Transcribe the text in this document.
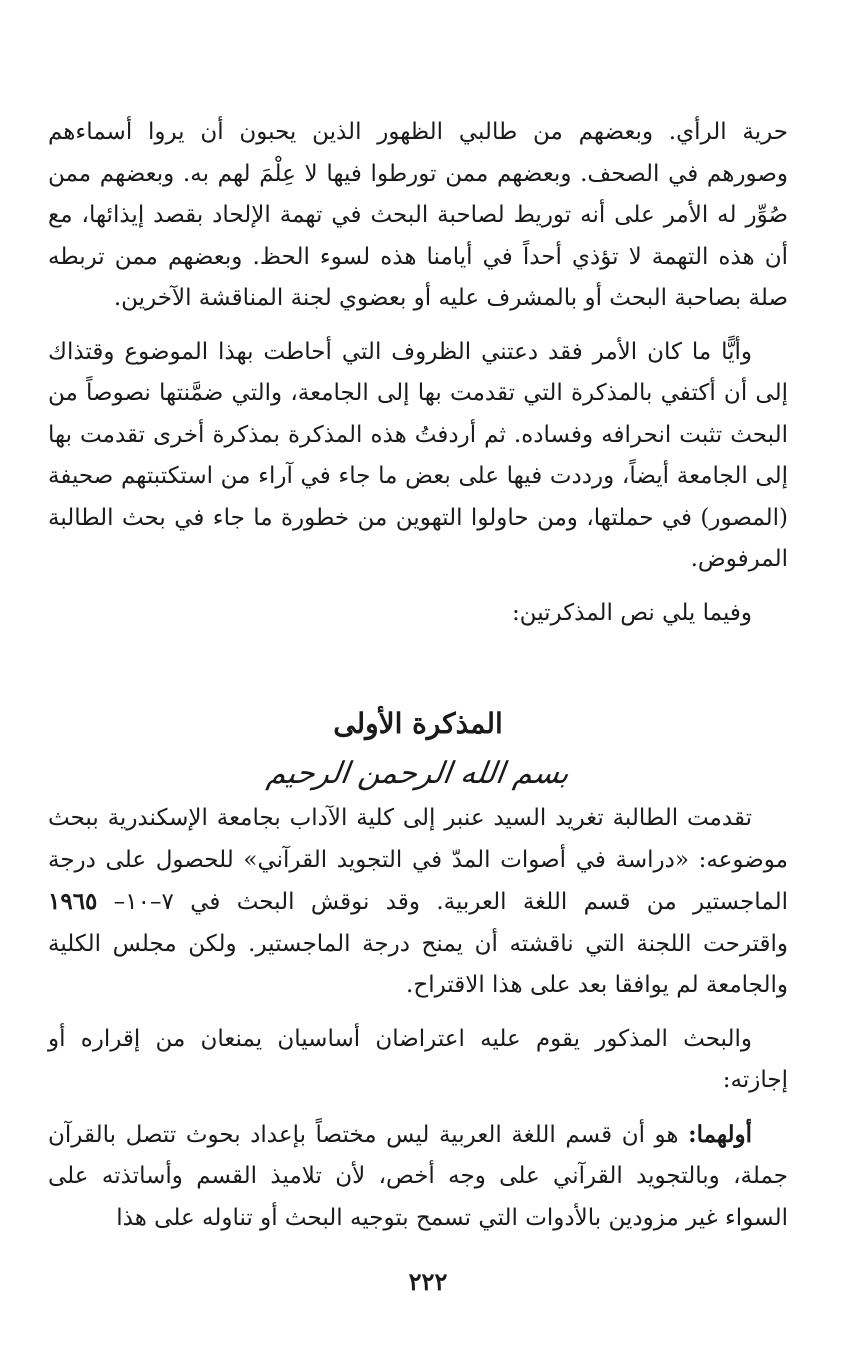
حرية الرأي. وبعضهم من طالبي الظهور الذين يحبون أن يروا أسماءهم وصورهم في الصحف. وبعضهم ممن تورطوا فيها لا عِلْمَ لهم به. وبعضهم ممن صُوِّر له الأمر على أنه توريط لصاحبة البحث في تهمة الإلحاد بقصد إيذائها، مع أن هذه التهمة لا تؤذي أحداً في أيامنا هذه لسوء الحظ. وبعضهم ممن تربطه صلة بصاحبة البحث أو بالمشرف عليه أو بعضوي لجنة المناقشة الآخرين.

وأيًّا ما كان الأمر فقد دعتني الظروف التي أحاطت بهذا الموضوع وقتذاك إلى أن أكتفي بالمذكرة التي تقدمت بها إلى الجامعة، والتي ضمَّنتها نصوصاً من البحث تثبت انحرافه وفساده. ثم أردفتُ هذه المذكرة بمذكرة أخرى تقدمت بها إلى الجامعة أيضاً، ورددت فيها على بعض ما جاء في آراء من استكتبتهم صحيفة (المصور) في حملتها، ومن حاولوا التهوين من خطورة ما جاء في بحث الطالبة المرفوض.

وفيما يلي نص المذكرتين:

المذكرة الأولى
بسم الله الرحمن الرحيم

تقدمت الطالبة تغريد السيد عنبر إلى كلية الآداب بجامعة الإسكندرية ببحث موضوعه: «دراسة في أصوات المدّ في التجويد القرآني» للحصول على درجة الماجستير من قسم اللغة العربية. وقد نوقش البحث في ٧–١٠– ١٩٦٥ واقترحت اللجنة التي ناقشته أن يمنح درجة الماجستير. ولكن مجلس الكلية والجامعة لم يوافقا بعد على هذا الاقتراح.

والبحث المذكور يقوم عليه اعتراضان أساسيان يمنعان من إقراره أو إجازته:

أولهما: هو أن قسم اللغة العربية ليس مختصاً بإعداد بحوث تتصل بالقرآن جملة، وبالتجويد القرآني على وجه أخص، لأن تلاميذ القسم وأساتذته على السواء غير مزودين بالأدوات التي تسمح بتوجيه البحث أو تناوله على هذا

٢٢٢
